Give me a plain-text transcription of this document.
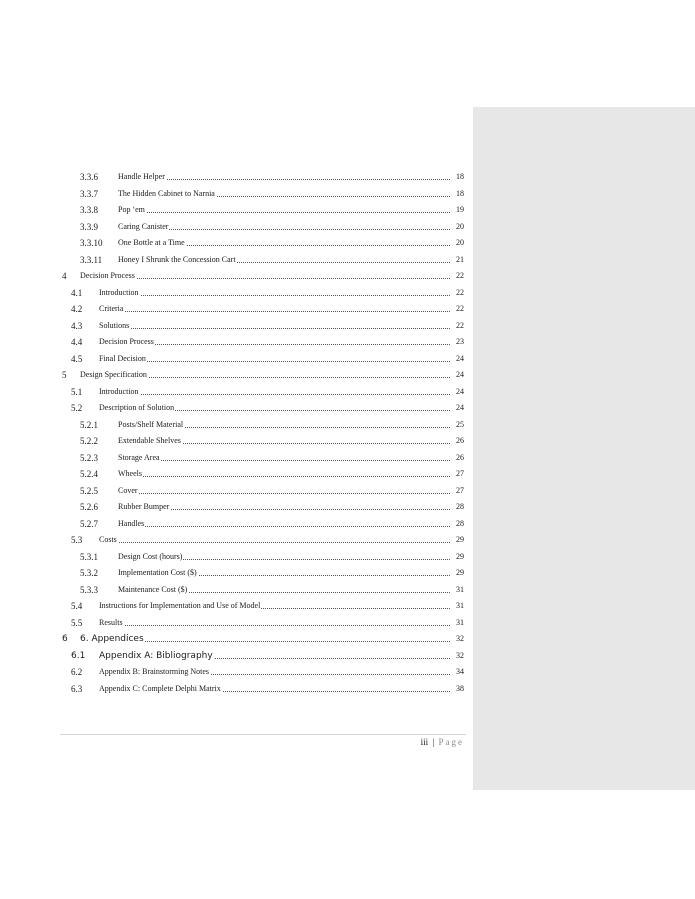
3.3.6	Handle Helper	18
3.3.7	The Hidden Cabinet to Narnia	18
3.3.8	Pop ‘em	19
3.3.9	Caring Canister	20
3.3.10 One Bottle at a Time	20
3.3.11 Honey I Shrunk the Concession Cart	21
4 Decision Process	22
4.1 Introduction	22
4.2 Criteria	22
4.3 Solutions	22
4.4 Decision Process	23
4.5 Final Decision	24
5 Design Specification	24
5.1 Introduction	24
5.2 Description of Solution	24
5.2.1	Posts/Shelf Material	25
5.2.2	Extendable Shelves	26
5.2.3	Storage Area	26
5.2.4	Wheels	27
5.2.5	Cover	27
5.2.6	Rubber Bumper	28
5.2.7	Handles	28
5.3 Costs	29
5.3.1	Design Cost (hours)	29
5.3.2	Implementation Cost ($)	29
5.3.3	Maintenance Cost ($)	31
5.4 Instructions for Implementation and Use of Model	31
5.5 Results	31
6 6. Appendices	32
6.1 Appendix A: Bibliography	32
6.2 Appendix B: Brainstorming Notes	34
6.3 Appendix C: Complete Delphi Matrix	38
iii | Page
